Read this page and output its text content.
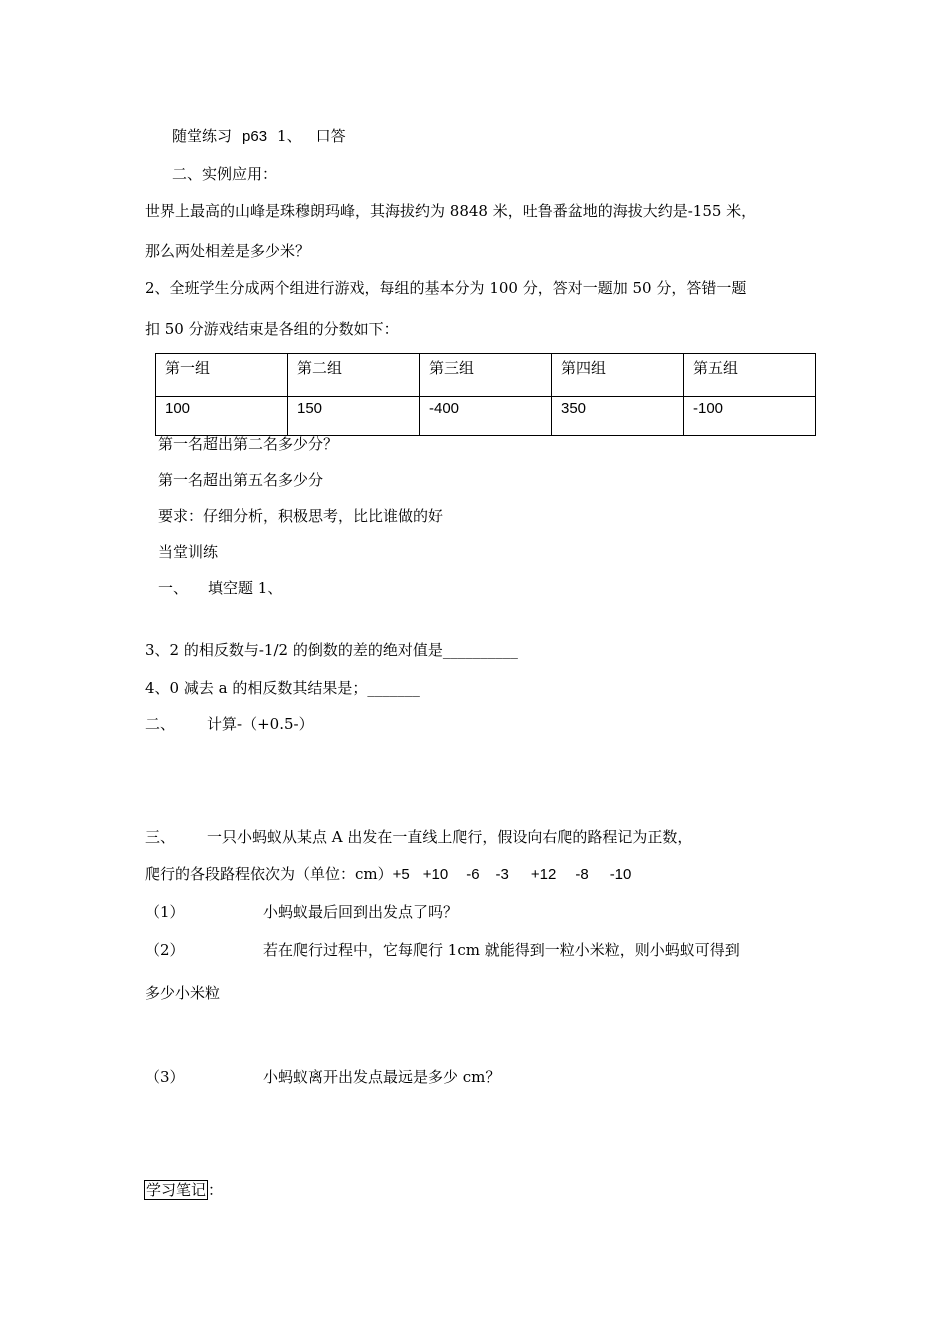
随堂练习 p63 1、 口答
二、实例应用：
世界上最高的山峰是珠穆朗玛峰，其海拔约为 8848 米，吐鲁番盆地的海拔大约是-155 米，
那么两处相差是多少米？
2、全班学生分成两个组进行游戏，每组的基本分为 100 分，答对一题加 50 分，答错一题
扣 50 分游戏结束是各组的分数如下：
第一组	第二组	第三组	第四组	第五组
100	150	-400	350	-100
第一名超出第二名多少分？
第一名超出第五名多少分
要求：仔细分析，积极思考，比比谁做的好
当堂训练
一、 填空题 1、
3、2 的相反数与-1/2 的倒数的差的绝对值是__________
4、0 减去 a 的相反数其结果是；_______
二、 计算-（+0.5-）
三、 一只小蚂蚁从某点 A 出发在一直线上爬行，假设向右爬的路程记为正数，
爬行的各段路程依次为（单位：cm）+5 +10 -6 -3 +12 -8 -10
（1）	小蚂蚁最后回到出发点了吗？
（2）	若在爬行过程中，它每爬行 1cm 就能得到一粒小米粒，则小蚂蚁可得到
多少小米粒
（3）	小蚂蚁离开出发点最远是多少 cm？
学习笔记 ：
